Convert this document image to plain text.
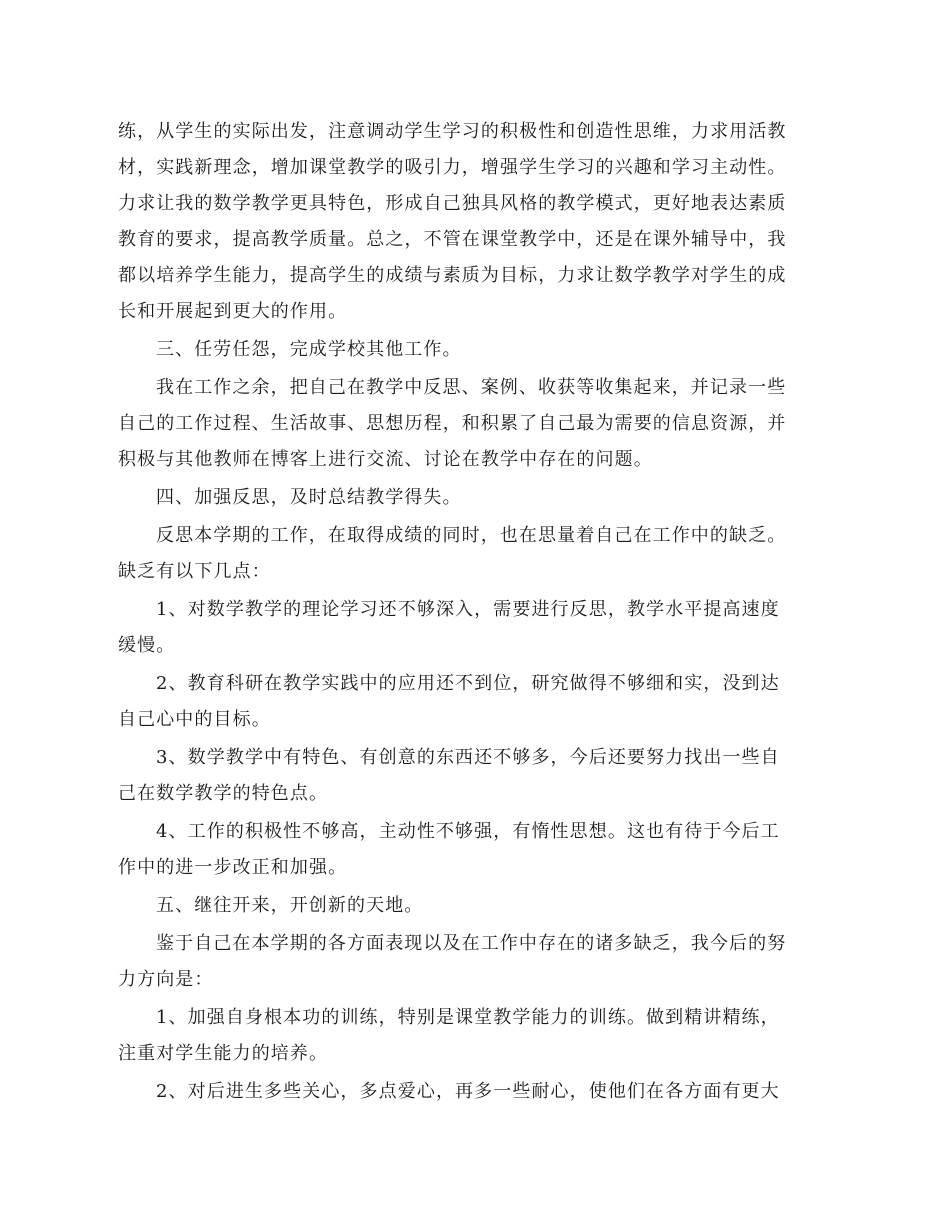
练，从学生的实际出发，注意调动学生学习的积极性和创造性思维，力求用活教
材，实践新理念，增加课堂教学的吸引力，增强学生学习的兴趣和学习主动性。
力求让我的数学教学更具特色，形成自己独具风格的教学模式，更好地表达素质
教育的要求，提高教学质量。总之，不管在课堂教学中，还是在课外辅导中，我
都以培养学生能力，提高学生的成绩与素质为目标，力求让数学教学对学生的成
长和开展起到更大的作用。
三、任劳任怨，完成学校其他工作。
我在工作之余，把自己在教学中反思、案例、收获等收集起来，并记录一些
自己的工作过程、生活故事、思想历程，和积累了自己最为需要的信息资源，并
积极与其他教师在博客上进行交流、讨论在教学中存在的问题。
四、加强反思，及时总结教学得失。
反思本学期的工作，在取得成绩的同时，也在思量着自己在工作中的缺乏。
缺乏有以下几点：
1、对数学教学的理论学习还不够深入，需要进行反思，教学水平提高速度
缓慢。
2、教育科研在教学实践中的应用还不到位，研究做得不够细和实，没到达
自己心中的目标。
3、数学教学中有特色、有创意的东西还不够多，今后还要努力找出一些自
己在数学教学的特色点。
4、工作的积极性不够高，主动性不够强，有惰性思想。这也有待于今后工
作中的进一步改正和加强。
五、继往开来，开创新的天地。
鉴于自己在本学期的各方面表现以及在工作中存在的诸多缺乏，我今后的努
力方向是：
1、加强自身根本功的训练，特别是课堂教学能力的训练。做到精讲精练，
注重对学生能力的培养。
2、对后进生多些关心，多点爱心，再多一些耐心，使他们在各方面有更大
